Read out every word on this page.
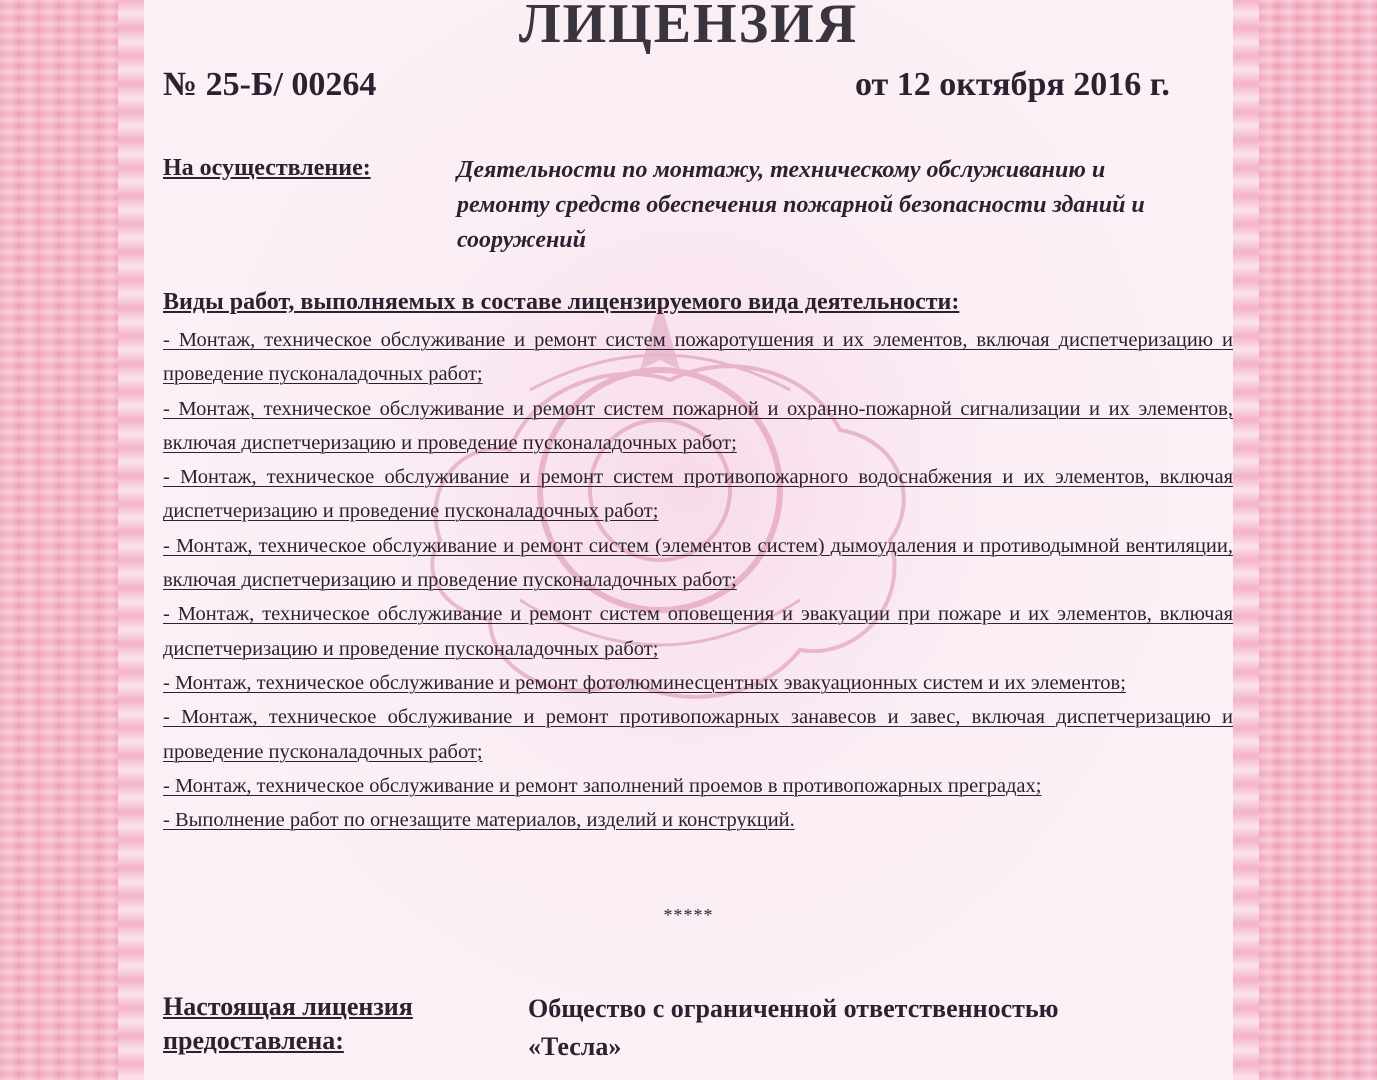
ЛИЦЕНЗИЯ
№ 25-Б/ 00264	от 12 октября 2016 г.
На осуществление:	Деятельности по монтажу, техническому обслуживанию и ремонту средств обеспечения пожарной безопасности зданий и сооружений
Виды работ, выполняемых в составе лицензируемого вида деятельности:
- Монтаж, техническое обслуживание и ремонт систем пожаротушения и их элементов, включая диспетчеризацию и проведение пусконаладочных работ;
- Монтаж, техническое обслуживание и ремонт систем пожарной и охранно-пожарной сигнализации и их элементов, включая диспетчеризацию и проведение пусконаладочных работ;
- Монтаж, техническое обслуживание и ремонт систем противопожарного водоснабжения и их элементов, включая диспетчеризацию и проведение пусконаладочных работ;
- Монтаж, техническое обслуживание и ремонт систем (элементов систем) дымоудаления и противодымной вентиляции, включая диспетчеризацию и проведение пусконаладочных работ;
- Монтаж, техническое обслуживание и ремонт систем оповещения и эвакуации при пожаре и их элементов, включая диспетчеризацию и проведение пусконаладочных работ;
- Монтаж, техническое обслуживание и ремонт фотолюминесцентных эвакуационных систем и их элементов;
- Монтаж, техническое обслуживание и ремонт противопожарных занавесов и завес, включая диспетчеризацию и проведение пусконаладочных работ;
- Монтаж, техническое обслуживание и ремонт заполнений проемов в противопожарных преградах;
- Выполнение работ по огнезащите материалов, изделий и конструкций.
*****
Настоящая лицензия предоставлена:
Общество с ограниченной ответственностью
«Тесла»
